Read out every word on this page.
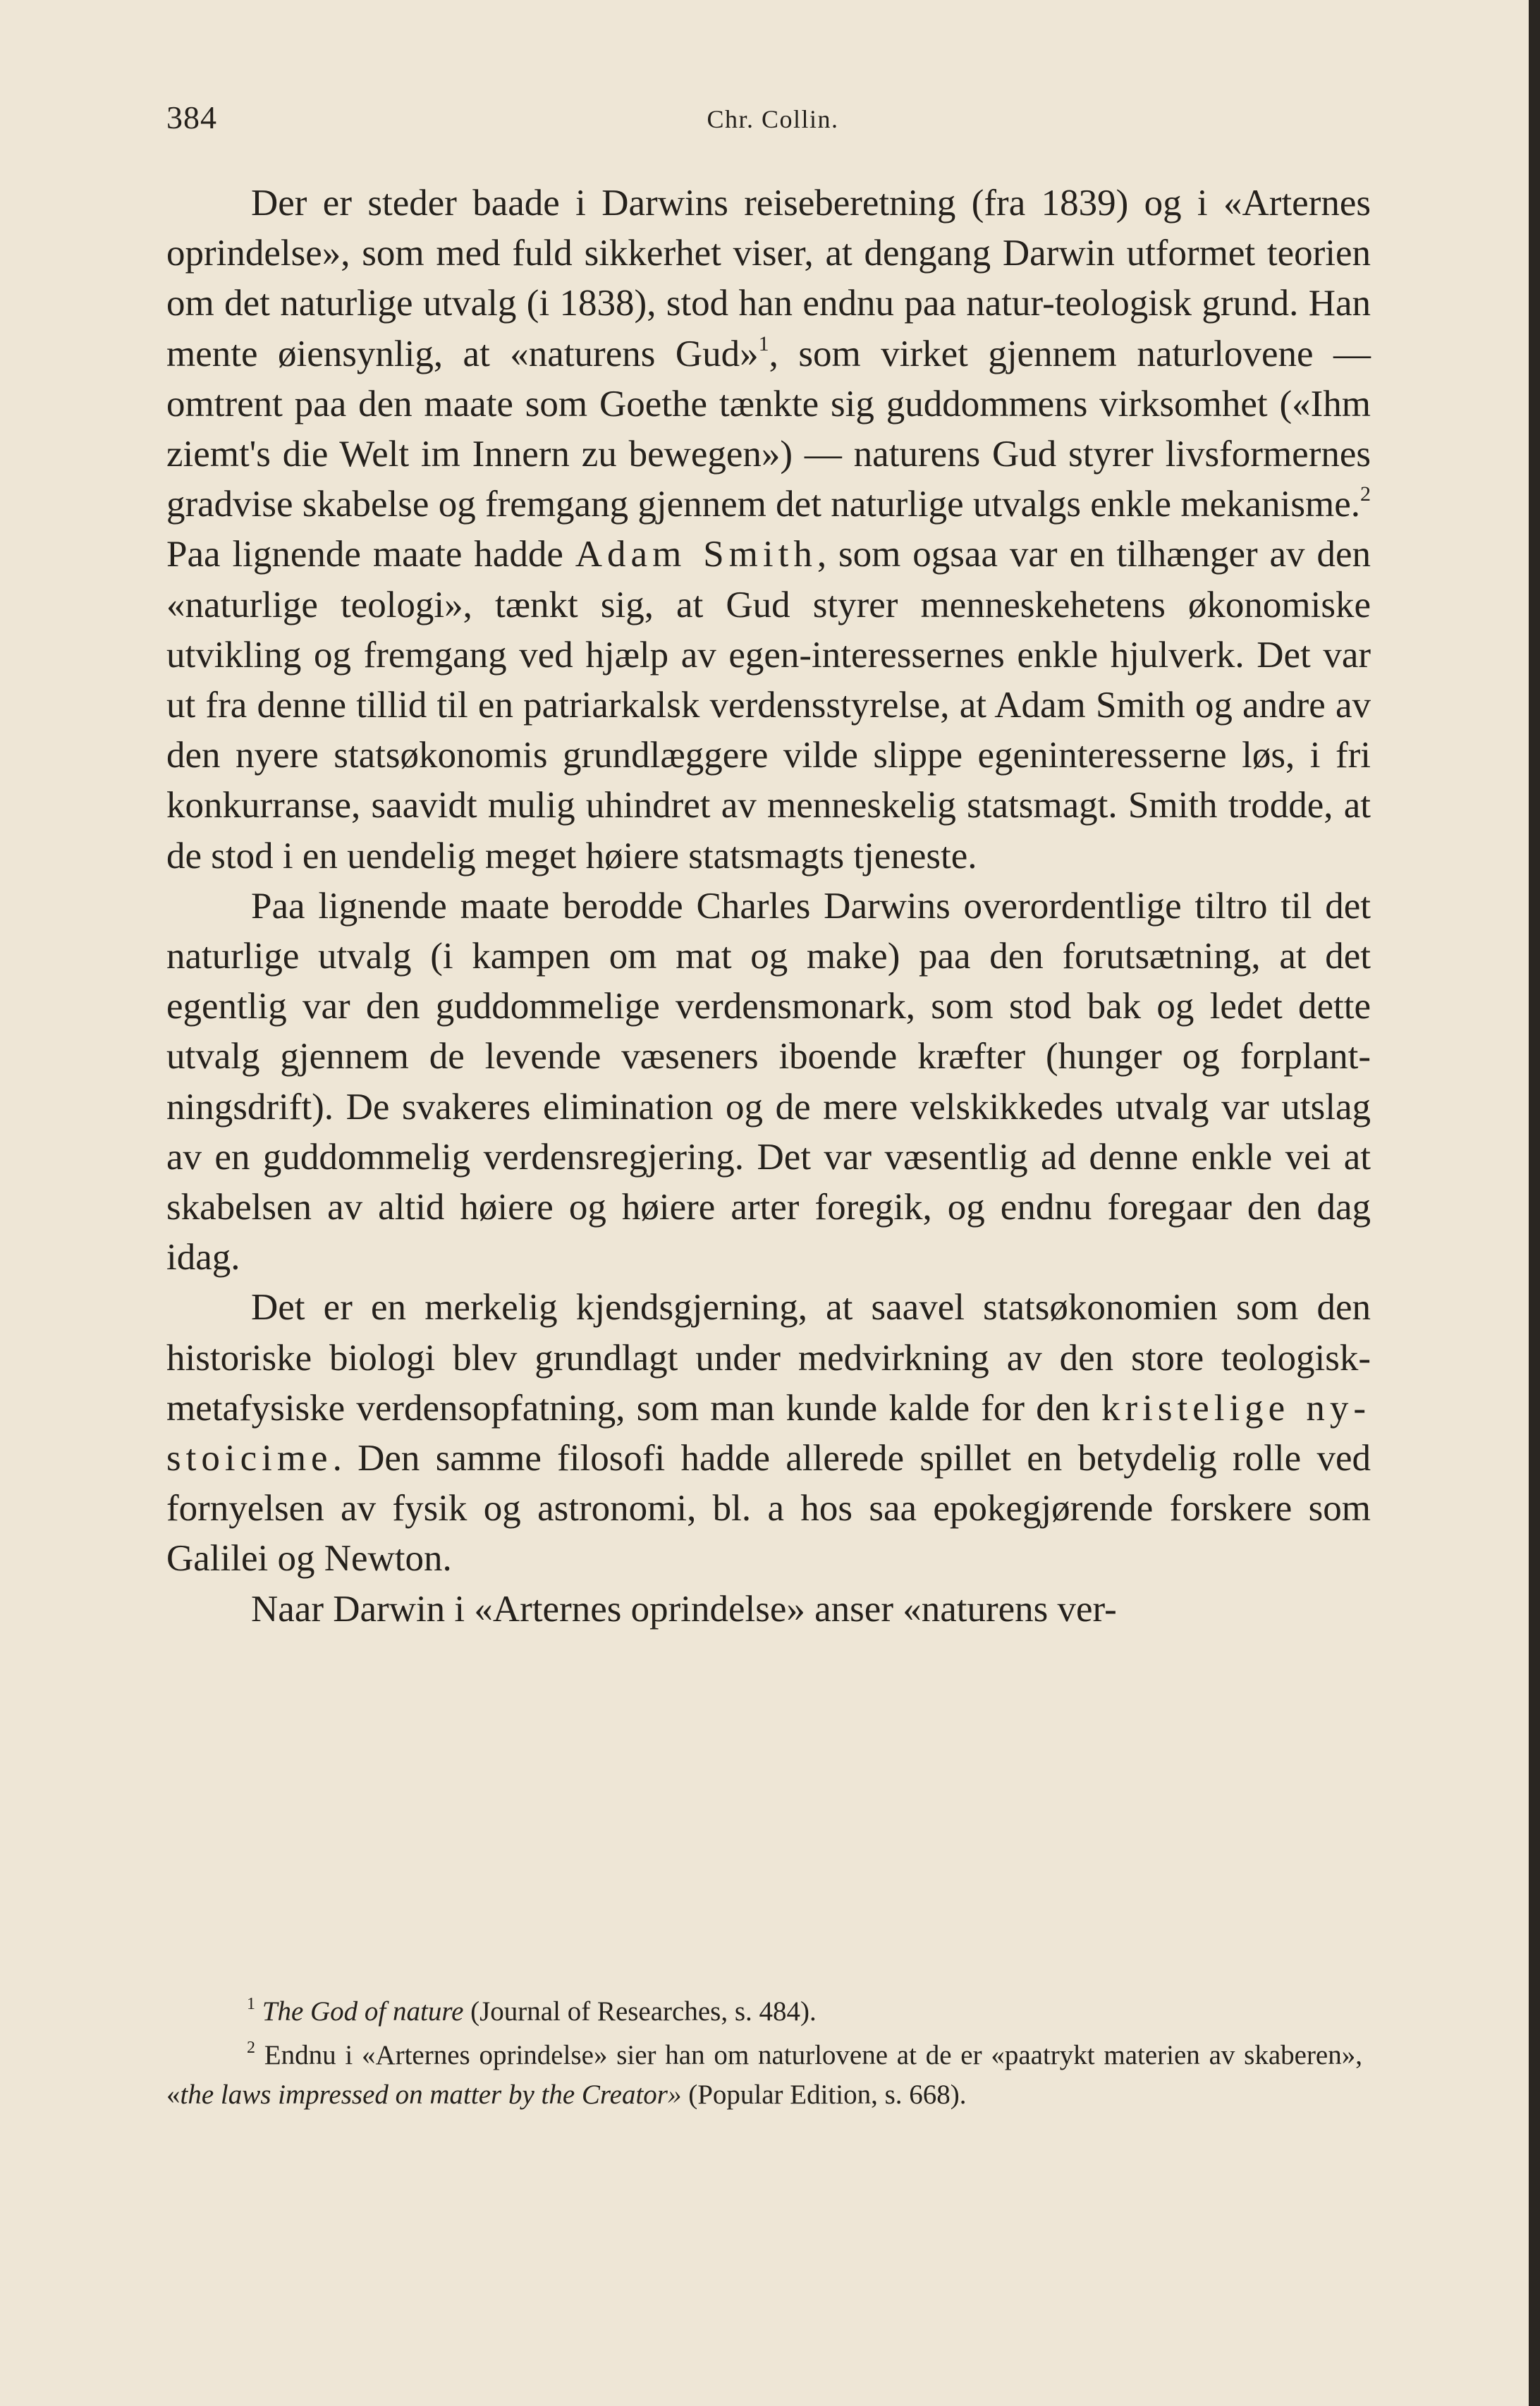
384	Chr. Collin.

Der er steder baade i Darwins reiseberetning (fra 1839) og i «Arternes oprindelse», som med fuld sikkerhet viser, at dengang Darwin utformet teorien om det naturlige utvalg (i 1838), stod han endnu paa natur-teologisk grund. Han mente øiensynlig, at «naturens Gud»$^1$, som virket gjennem naturlovene — omtrent paa den maate som Goethe tænkte sig guddommens virksomhet («Ihm ziemt's die Welt im Innern zu bewegen») — naturens Gud styrer livsformernes gradvise skabelse og fremgang gjennem det naturlige utvalgs enkle mekanisme.$^2$ Paa lignende maate hadde Adam Smith, som ogsaa var en tilhænger av den «naturlige teologi», tænkt sig, at Gud styrer menneskehetens økonomiske utvikling og fremgang ved hjælp av egen-interessernes enkle hjulverk. Det var ut fra denne tillid til en patriarkalsk verdensstyrelse, at Adam Smith og andre av den nyere statsøkonomis grundlæggere vilde slippe egeninteresserne løs, i fri konkurranse, saavidt mulig uhindret av menneskelig statsmagt. Smith trodde, at de stod i en uendelig meget høiere statsmagts tjeneste.

Paa lignende maate berodde Charles Darwins overordentlige tiltro til det naturlige utvalg (i kampen om mat og make) paa den forutsætning, at det egentlig var den guddommelige verdensmonark, som stod bak og ledet dette utvalg gjennem de levende væseners iboende kræfter (hunger og forplantningsdrift). De svakeres elimination og de mere velskikkedes utvalg var utslag av en guddommelig verdensregjering. Det var væsentlig ad denne enkle vei at skabelsen av altid høiere og høiere arter foregik, og endnu foregaar den dag idag.

Det er en merkelig kjendsgjerning, at saavel statsøkonomien som den historiske biologi blev grundlagt under medvirkning av den store teologisk-metafysiske verdensopfatning, som man kunde kalde for den kristelige ny-stoicime. Den samme filosofi hadde allerede spillet en betydelig rolle ved fornyelsen av fysik og astronomi, bl. a hos saa epokegjørende forskere som Galilei og Newton.

Naar Darwin i «Arternes oprindelse» anser «naturens ver-

$^1$ The God of nature (Journal of Researches, s. 484).

$^2$ Endnu i «Arternes oprindelse» sier han om naturlovene at de er «paatrykt materien av skaberen», «the laws impressed on matter by the Creator» (Popular Edition, s. 668).
